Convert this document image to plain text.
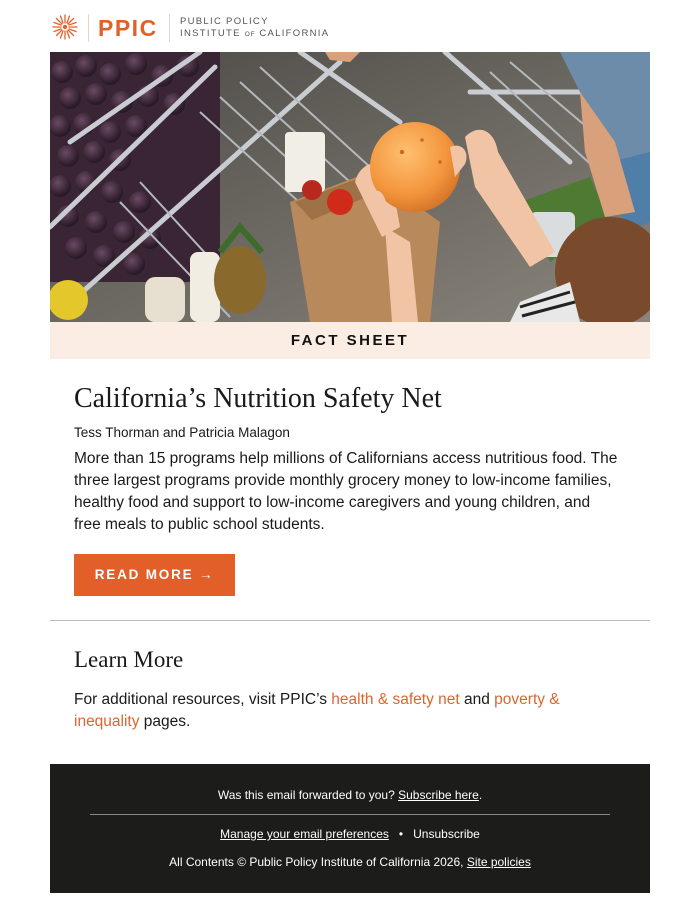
PPIC PUBLIC POLICY
INSTITUTE OF CALIFORNIA
FACT SHEET
California’s Nutrition Safety Net
Tess Thorman and Patricia Malagon
More than 15 programs help millions of Californians access nutritious food. The three largest programs provide monthly grocery money to low-income families, healthy food and support to low-income caregivers and young children, and free meals to public school students.
READ MORE →
Learn More
For additional resources, visit PPIC’s health & safety net and poverty & inequality pages.
Was this email forwarded to you? Subscribe here.
Manage your email preferences • Unsubscribe
All Contents © Public Policy Institute of California 2026, Site policies
